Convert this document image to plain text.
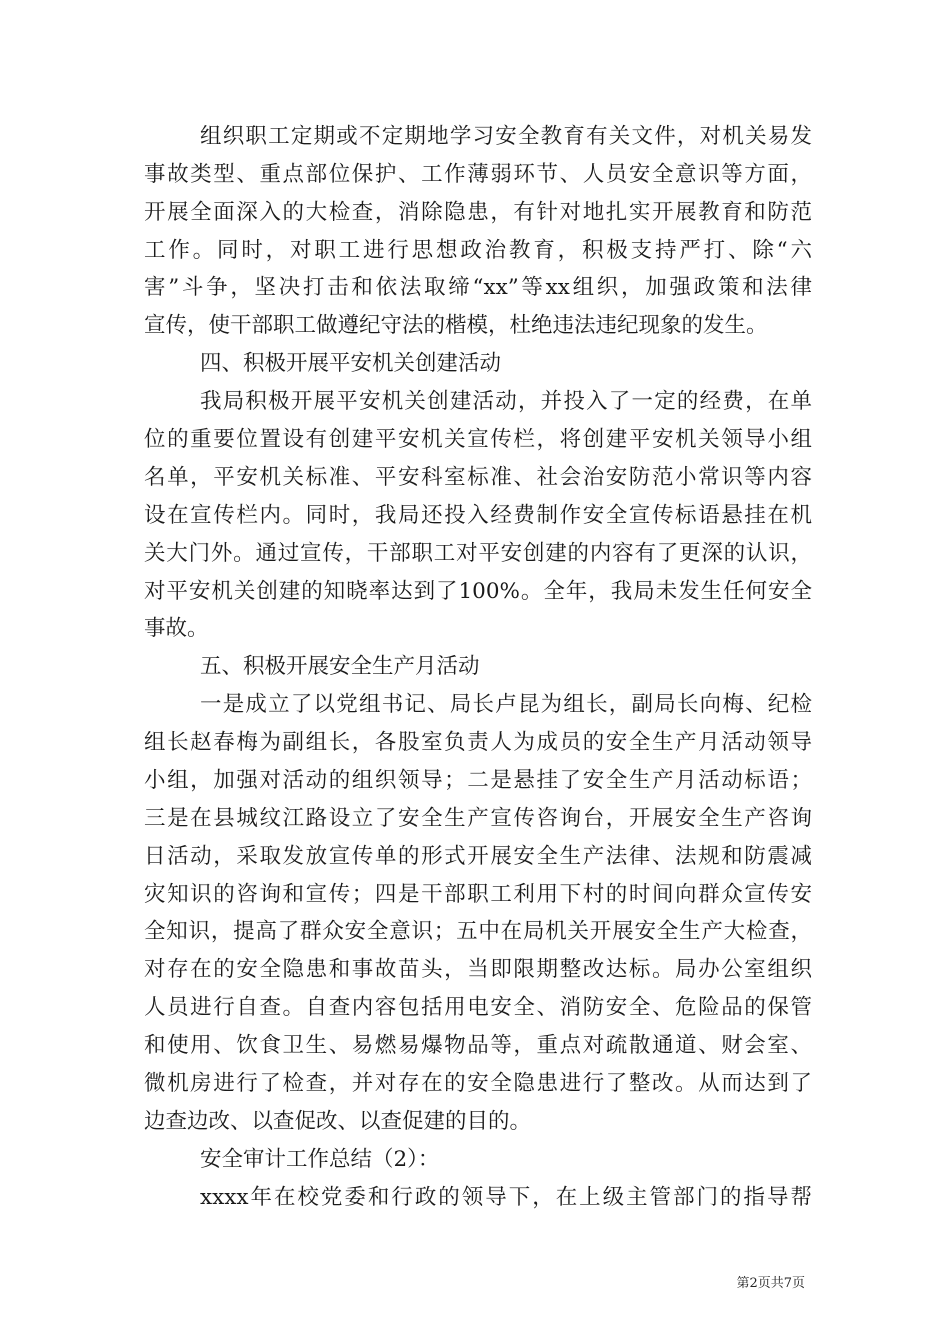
组织职工定期或不定期地学习安全教育有关文件，对机关易发
事故类型、重点部位保护、工作薄弱环节、人员安全意识等方面，
开展全面深入的大检查，消除隐患，有针对地扎实开展教育和防范
工作。同时，对职工进行思想政治教育，积极支持严打、除“六
害”斗争，坚决打击和依法取缔“xx”等xx组织，加强政策和法律
宣传，使干部职工做遵纪守法的楷模，杜绝违法违纪现象的发生。
四、积极开展平安机关创建活动
我局积极开展平安机关创建活动，并投入了一定的经费，在单
位的重要位置设有创建平安机关宣传栏，将创建平安机关领导小组
名单，平安机关标准、平安科室标准、社会治安防范小常识等内容
设在宣传栏内。同时，我局还投入经费制作安全宣传标语悬挂在机
关大门外。通过宣传，干部职工对平安创建的内容有了更深的认识，
对平安机关创建的知晓率达到了100%。全年，我局未发生任何安全
事故。
五、积极开展安全生产月活动
一是成立了以党组书记、局长卢昆为组长，副局长向梅、纪检
组长赵春梅为副组长，各股室负责人为成员的安全生产月活动领导
小组，加强对活动的组织领导；二是悬挂了安全生产月活动标语；
三是在县城纹江路设立了安全生产宣传咨询台，开展安全生产咨询
日活动，采取发放宣传单的形式开展安全生产法律、法规和防震减
灾知识的咨询和宣传；四是干部职工利用下村的时间向群众宣传安
全知识，提高了群众安全意识；五中在局机关开展安全生产大检查，
对存在的安全隐患和事故苗头，当即限期整改达标。局办公室组织
人员进行自查。自查内容包括用电安全、消防安全、危险品的保管
和使用、饮食卫生、易燃易爆物品等，重点对疏散通道、财会室、
微机房进行了检查，并对存在的安全隐患进行了整改。从而达到了
边查边改、以查促改、以查促建的目的。
安全审计工作总结（2）：
xxxx年在校党委和行政的领导下，在上级主管部门的指导帮
第2页共7页
